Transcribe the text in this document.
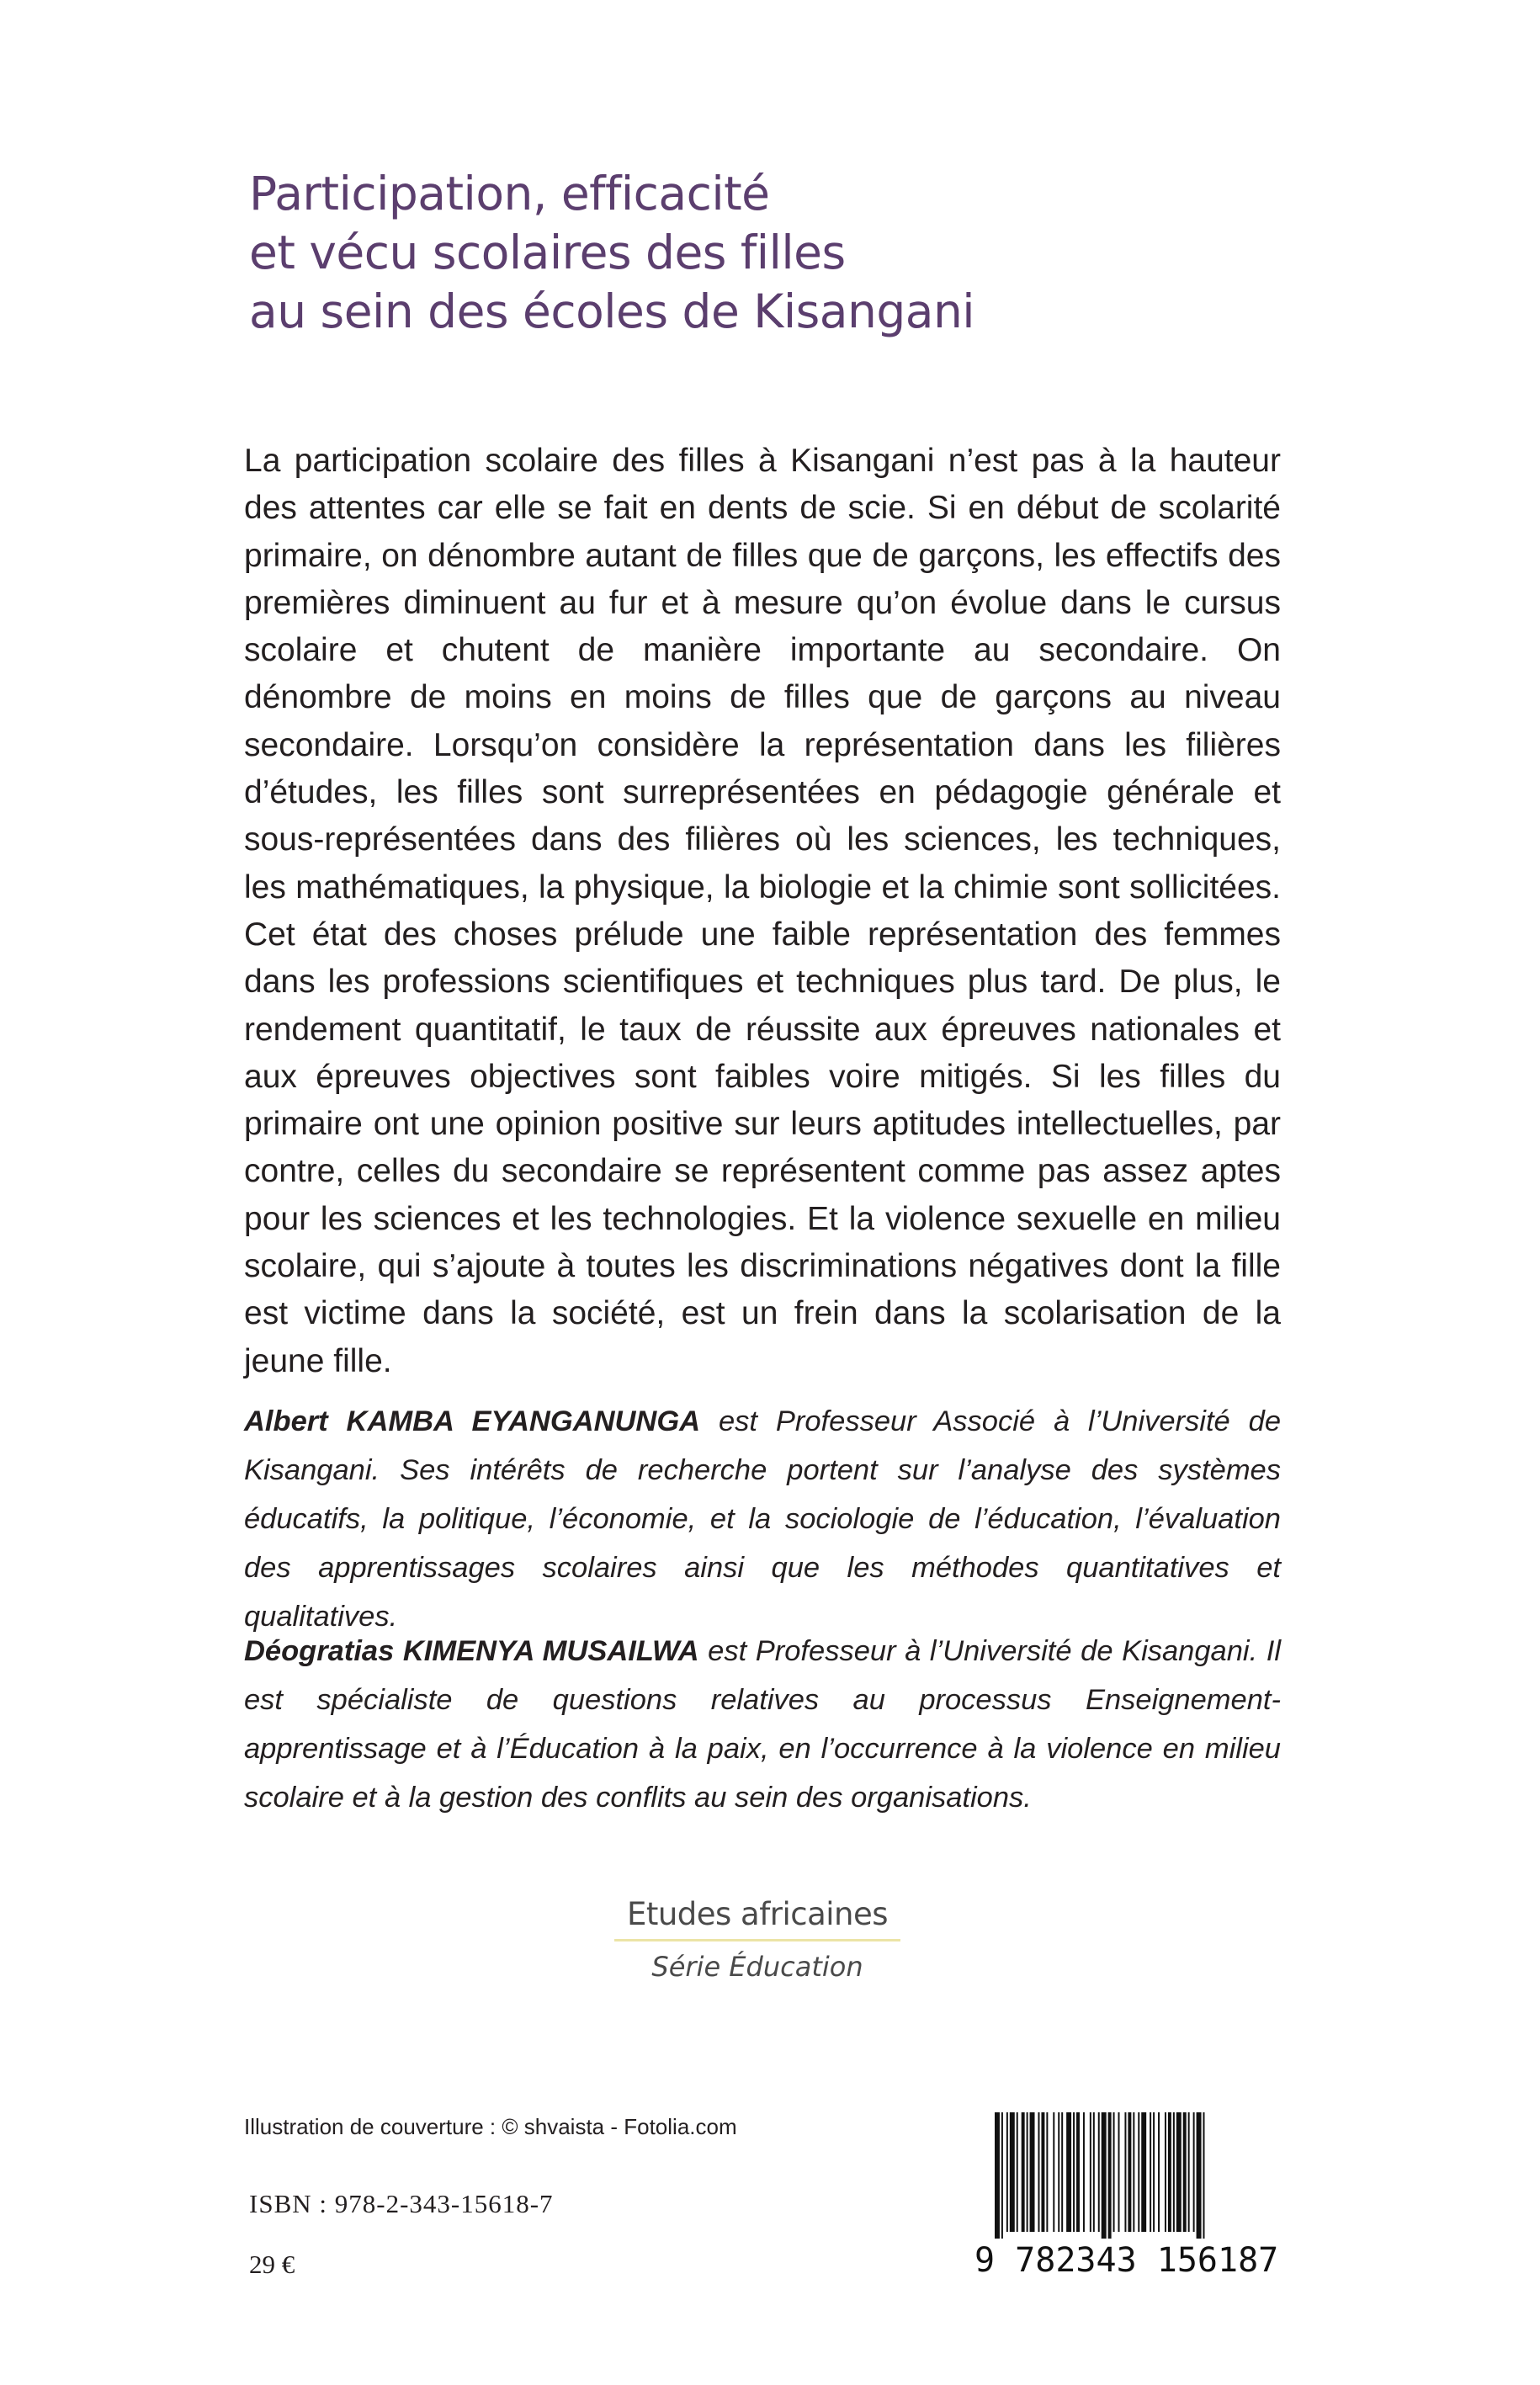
Participation, efficacité
et vécu scolaires des filles
au sein des écoles de Kisangani

La participation scolaire des filles à Kisangani n’est pas à la hauteur des attentes car elle se fait en dents de scie. Si en début de scolarité primaire, on dénombre autant de filles que de garçons, les effectifs des premières diminuent au fur et à mesure qu’on évolue dans le cursus scolaire et chutent de manière importante au secondaire. On dénombre de moins en moins de filles que de garçons au niveau secondaire. Lorsqu’on considère la représentation dans les filières d’études, les filles sont surreprésentées en pédagogie générale et sous-représentées dans des filières où les sciences, les techniques, les mathématiques, la physique, la biologie et la chimie sont sollicitées. Cet état des choses prélude une faible représentation des femmes dans les professions scientifiques et techniques plus tard. De plus, le rendement quantitatif, le taux de réussite aux épreuves nationales et aux épreuves objectives sont faibles voire mitigés. Si les filles du primaire ont une opinion positive sur leurs aptitudes intellectuelles, par contre, celles du secondaire se représentent comme pas assez aptes pour les sciences et les technologies. Et la violence sexuelle en milieu scolaire, qui s’ajoute à toutes les discriminations négatives dont la fille est victime dans la société, est un frein dans la scolarisation de la jeune fille.

Albert KAMBA EYANGANUNGA est Professeur Associé à l’Université de Kisangani. Ses intérêts de recherche portent sur l’analyse des systèmes éducatifs, la politique, l’économie, et la sociologie de l’éducation, l’évaluation des apprentissages scolaires ainsi que les méthodes quantitatives et qualitatives.

Déogratias KIMENYA MUSAILWA est Professeur à l’Université de Kisangani. Il est spécialiste de questions relatives au processus Enseignement-apprentissage et à l’Éducation à la paix, en l’occurrence à la violence en milieu scolaire et à la gestion des conflits au sein des organisations.

Etudes africaines
Série Éducation
Illustration de couverture : © shvaista - Fotolia.com
ISBN : 978-2-343-15618-7
29 €	9 782343 156187
